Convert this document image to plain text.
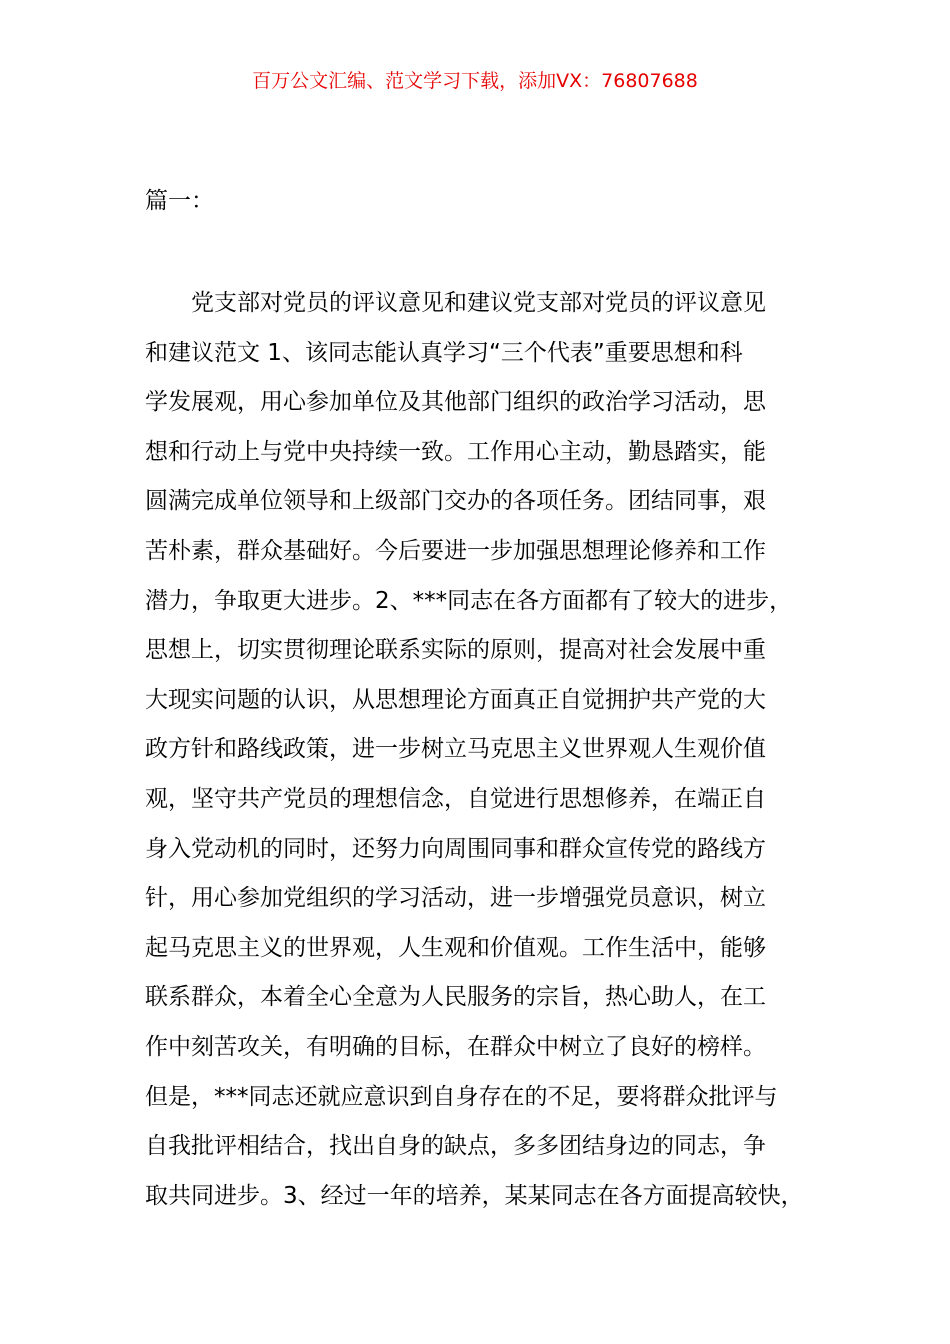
百万公文汇编、范文学习下载，添加VX：76807688
篇一：
党支部对党员的评议意见和建议党支部对党员的评议意见
和建议范文 1、该同志能认真学习“三个代表”重要思想和科
学发展观，用心参加单位及其他部门组织的政治学习活动，思
想和行动上与党中央持续一致。工作用心主动，勤恳踏实，能
圆满完成单位领导和上级部门交办的各项任务。团结同事，艰
苦朴素，群众基础好。今后要进一步加强思想理论修养和工作
潜力，争取更大进步。2、***同志在各方面都有了较大的进步，
思想上，切实贯彻理论联系实际的原则，提高对社会发展中重
大现实问题的认识，从思想理论方面真正自觉拥护共产党的大
政方针和路线政策，进一步树立马克思主义世界观人生观价值
观，坚守共产党员的理想信念，自觉进行思想修养，在端正自
身入党动机的同时，还努力向周围同事和群众宣传党的路线方
针，用心参加党组织的学习活动，进一步增强党员意识，树立
起马克思主义的世界观，人生观和价值观。工作生活中，能够
联系群众，本着全心全意为人民服务的宗旨，热心助人，在工
作中刻苦攻关，有明确的目标，在群众中树立了良好的榜样。
但是，***同志还就应意识到自身存在的不足，要将群众批评与
自我批评相结合，找出自身的缺点，多多团结身边的同志，争
取共同进步。3、经过一年的培养，某某同志在各方面提高较快，
